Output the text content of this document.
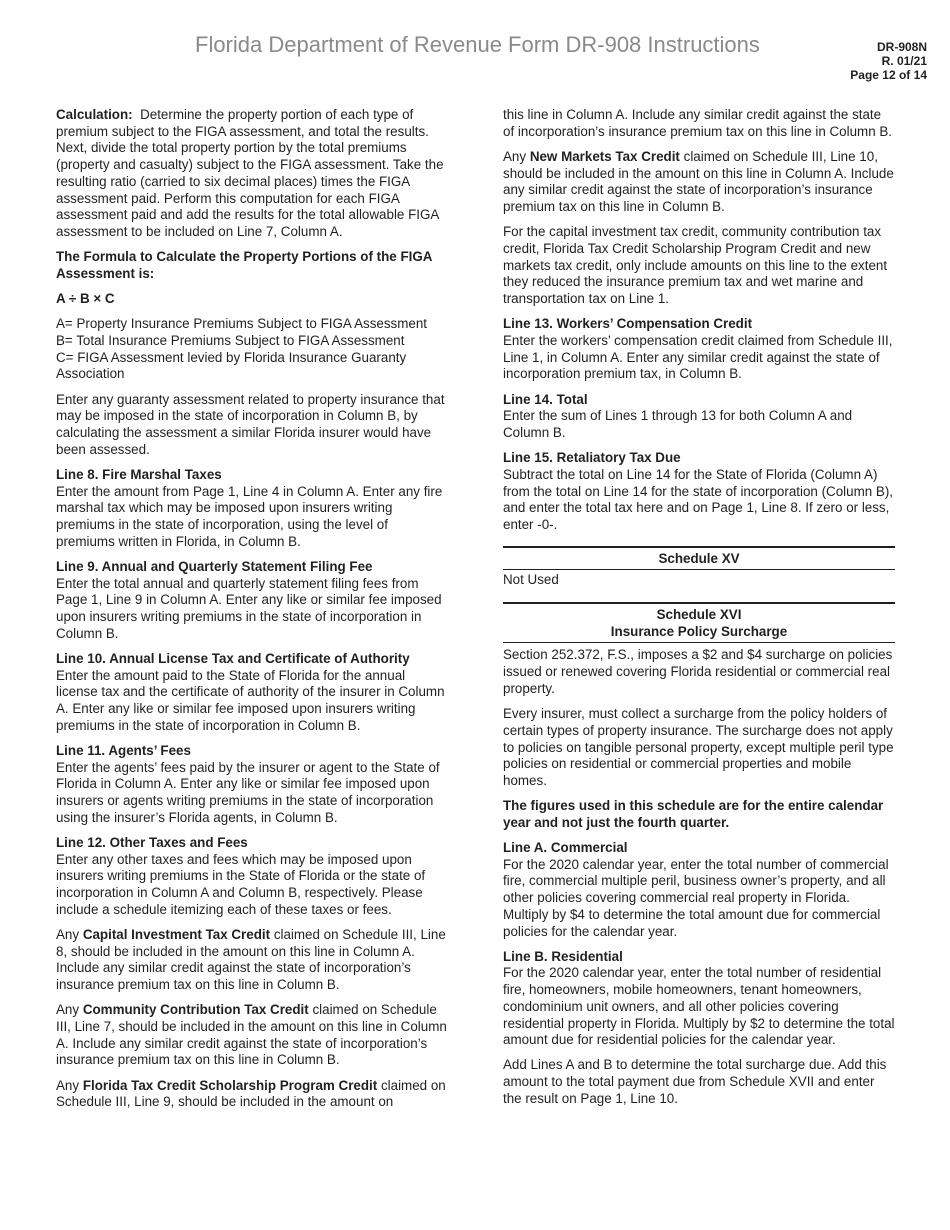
Florida Department of Revenue Form DR-908 Instructions	DR-908N
R. 01/21
Page 12 of 14

Calculation: Determine the property portion of each type of premium subject to the FIGA assessment, and total the results. Next, divide the total property portion by the total premiums (property and casualty) subject to the FIGA assessment. Take the resulting ratio (carried to six decimal places) times the FIGA assessment paid. Perform this computation for each FIGA assessment paid and add the results for the total allowable FIGA assessment to be included on Line 7, Column A.

The Formula to Calculate the Property Portions of the FIGA Assessment is:

A ÷ B × C

A= Property Insurance Premiums Subject to FIGA Assessment
B= Total Insurance Premiums Subject to FIGA Assessment
C= FIGA Assessment levied by Florida Insurance Guaranty Association

Enter any guaranty assessment related to property insurance that may be imposed in the state of incorporation in Column B, by calculating the assessment a similar Florida insurer would have been assessed.

Line 8. Fire Marshal Taxes
Enter the amount from Page 1, Line 4 in Column A. Enter any fire marshal tax which may be imposed upon insurers writing premiums in the state of incorporation, using the level of premiums written in Florida, in Column B.

Line 9. Annual and Quarterly Statement Filing Fee
Enter the total annual and quarterly statement filing fees from Page 1, Line 9 in Column A. Enter any like or similar fee imposed upon insurers writing premiums in the state of incorporation in Column B.

Line 10. Annual License Tax and Certificate of Authority
Enter the amount paid to the State of Florida for the annual license tax and the certificate of authority of the insurer in Column A. Enter any like or similar fee imposed upon insurers writing premiums in the state of incorporation in Column B.

Line 11. Agents’ Fees
Enter the agents’ fees paid by the insurer or agent to the State of Florida in Column A. Enter any like or similar fee imposed upon insurers or agents writing premiums in the state of incorporation using the insurer’s Florida agents, in Column B.

Line 12. Other Taxes and Fees
Enter any other taxes and fees which may be imposed upon insurers writing premiums in the State of Florida or the state of incorporation in Column A and Column B, respectively. Please include a schedule itemizing each of these taxes or fees.

Any Capital Investment Tax Credit claimed on Schedule III, Line 8, should be included in the amount on this line in Column A. Include any similar credit against the state of incorporation’s insurance premium tax on this line in Column B.

Any Community Contribution Tax Credit claimed on Schedule III, Line 7, should be included in the amount on this line in Column A. Include any similar credit against the state of incorporation’s insurance premium tax on this line in Column B.

Any Florida Tax Credit Scholarship Program Credit claimed on Schedule III, Line 9, should be included in the amount on

this line in Column A. Include any similar credit against the state of incorporation’s insurance premium tax on this line in Column B.

Any New Markets Tax Credit claimed on Schedule III, Line 10, should be included in the amount on this line in Column A. Include any similar credit against the state of incorporation’s insurance premium tax on this line in Column B.

For the capital investment tax credit, community contribution tax credit, Florida Tax Credit Scholarship Program Credit and new markets tax credit, only include amounts on this line to the extent they reduced the insurance premium tax and wet marine and transportation tax on Line 1.

Line 13. Workers’ Compensation Credit
Enter the workers’ compensation credit claimed from Schedule III, Line 1, in Column A. Enter any similar credit against the state of incorporation premium tax, in Column B.

Line 14. Total
Enter the sum of Lines 1 through 13 for both Column A and Column B.

Line 15. Retaliatory Tax Due
Subtract the total on Line 14 for the State of Florida (Column A) from the total on Line 14 for the state of incorporation (Column B), and enter the total tax here and on Page 1, Line 8. If zero or less, enter -0-.

Schedule XV

Not Used

Schedule XVI
Insurance Policy Surcharge

Section 252.372, F.S., imposes a $2 and $4 surcharge on policies issued or renewed covering Florida residential or commercial real property.

Every insurer, must collect a surcharge from the policy holders of certain types of property insurance. The surcharge does not apply to policies on tangible personal property, except multiple peril type policies on residential or commercial properties and mobile homes.

The figures used in this schedule are for the entire calendar year and not just the fourth quarter.

Line A. Commercial
For the 2020 calendar year, enter the total number of commercial fire, commercial multiple peril, business owner’s property, and all other policies covering commercial real property in Florida. Multiply by $4 to determine the total amount due for commercial policies for the calendar year.

Line B. Residential
For the 2020 calendar year, enter the total number of residential fire, homeowners, mobile homeowners, tenant homeowners, condominium unit owners, and all other policies covering residential property in Florida. Multiply by $2 to determine the total amount due for residential policies for the calendar year.

Add Lines A and B to determine the total surcharge due. Add this amount to the total payment due from Schedule XVII and enter the result on Page 1, Line 10.
